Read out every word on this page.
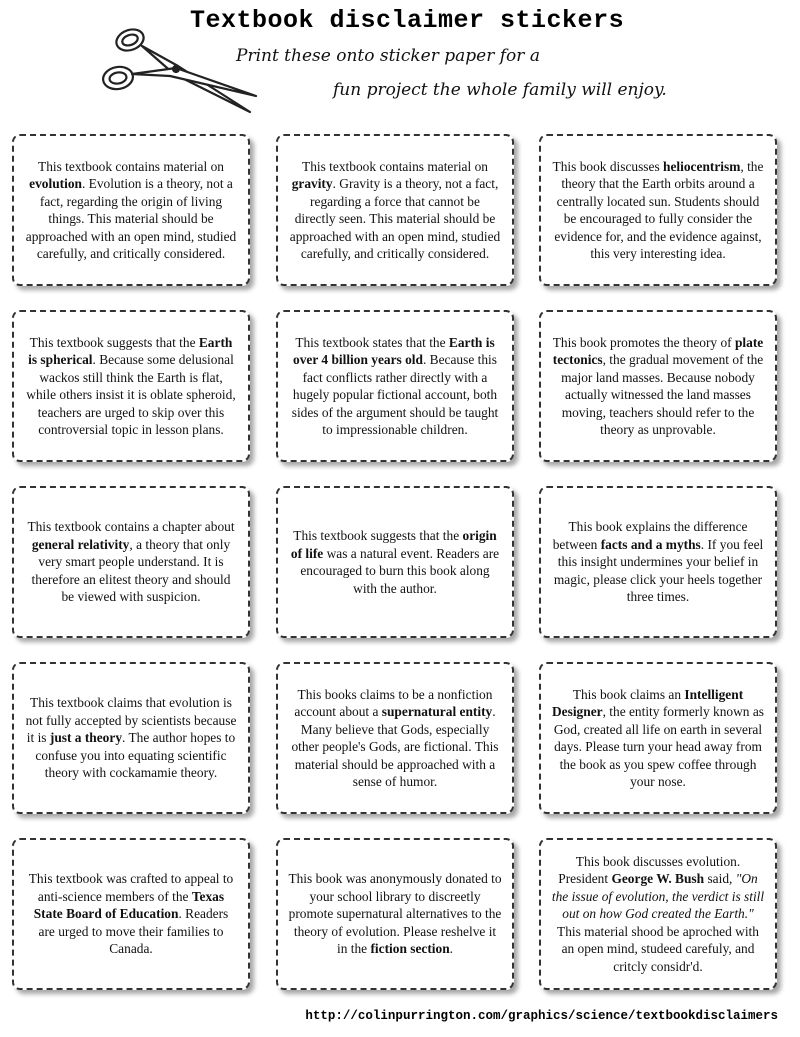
Textbook disclaimer stickers
Print these onto sticker paper for a
fun project the whole family will enjoy.
This textbook contains material on evolution. Evolution is a theory, not a fact, regarding the origin of living things. This material should be approached with an open mind, studied carefully, and critically considered.
This textbook contains material on gravity. Gravity is a theory, not a fact, regarding a force that cannot be directly seen. This material should be approached with an open mind, studied carefully, and critically considered.
This book discusses heliocentrism, the theory that the Earth orbits around a centrally located sun. Students should be encouraged to fully consider the evidence for, and the evidence against, this very interesting idea.
This textbook suggests that the Earth is spherical. Because some delusional wackos still think the Earth is flat, while others insist it is oblate spheroid, teachers are urged to skip over this controversial topic in lesson plans.
This textbook states that the Earth is over 4 billion years old. Because this fact conflicts rather directly with a hugely popular fictional account, both sides of the argument should be taught to impressionable children.
This book promotes the theory of plate tectonics, the gradual movement of the major land masses. Because nobody actually witnessed the land masses moving, teachers should refer to the theory as unprovable.
This textbook contains a chapter about general relativity, a theory that only very smart people understand. It is therefore an elitest theory and should be viewed with suspicion.
This textbook suggests that the origin of life was a natural event. Readers are encouraged to burn this book along with the author.
This book explains the difference between facts and a myths. If you feel this insight undermines your belief in magic, please click your heels together three times.
This textbook claims that evolution is not fully accepted by scientists because it is just a theory. The author hopes to confuse you into equating scientific theory with cockamamie theory.
This books claims to be a nonfiction account about a supernatural entity. Many believe that Gods, especially other people's Gods, are fictional. This material should be approached with a sense of humor.
This book claims an Intelligent Designer, the entity formerly known as God, created all life on earth in several days. Please turn your head away from the book as you spew coffee through your nose.
This textbook was crafted to appeal to anti-science members of the Texas State Board of Education. Readers are urged to move their families to Canada.
This book was anonymously donated to your school library to discreetly promote supernatural alternatives to the theory of evolution. Please reshelve it in the fiction section.
This book discusses evolution. President George W. Bush said, "On the issue of evolution, the verdict is still out on how God created the Earth." This material shood be aproched with an open mind, studeed carefuly, and critcly considr'd.
http://colinpurrington.com/graphics/science/textbookdisclaimers
